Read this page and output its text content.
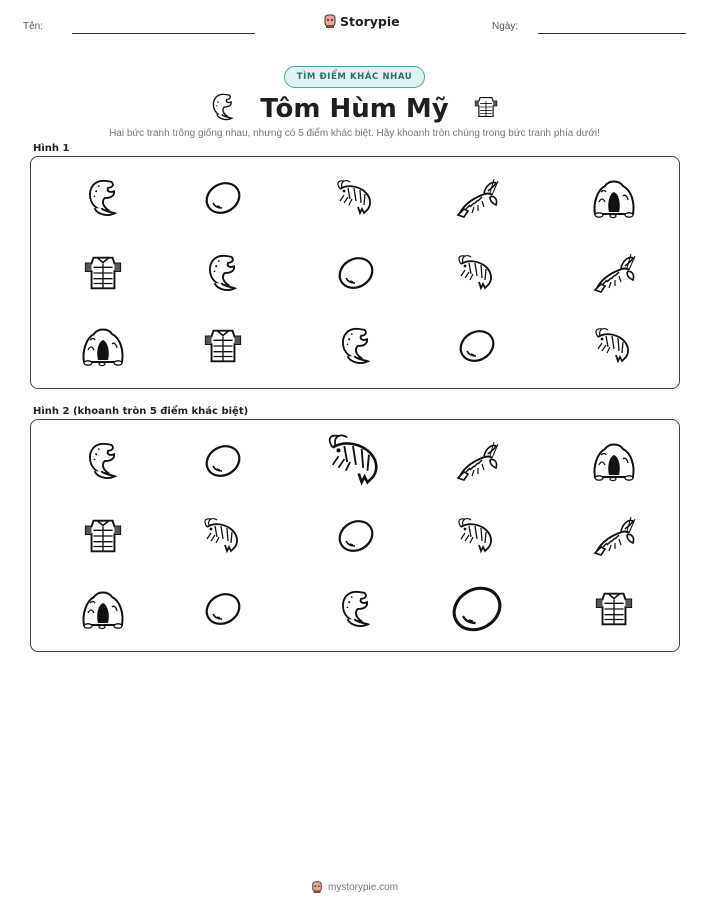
Tên:	Storypie	Ngày:
TÌM ĐIỂM KHÁC NHAU
Tôm Hùm Mỹ
Hai bức tranh trông giống nhau, nhưng có 5 điểm khác biệt. Hãy khoanh tròn chúng trong bức tranh phía dưới!
Hình 1
Hình 2 (khoanh tròn 5 điểm khác biệt)
mystorypie.com
